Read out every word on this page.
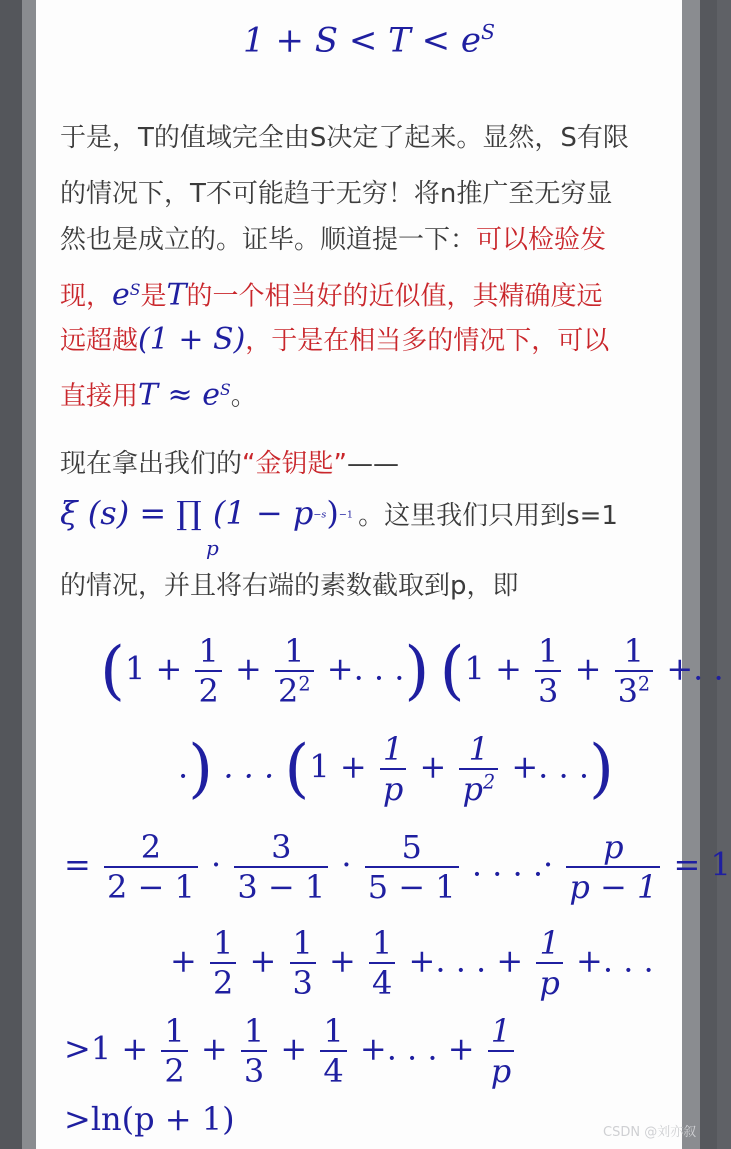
$1 + S < T < e^S$
于是，T的值域完全由S决定了起来。显然，S有限
的情况下，T不可能趋于无穷！将n推广至无穷显
然也是成立的。证毕。顺道提一下：可以检验发
现，$e^S$是T的一个相当好的近似值，其精确度远
远超越(1 + S)，于是在相当多的情况下，可以
直接用$T \approx e^S$。
现在拿出我们的“金钥匙”——
ξ (s) = ∏
p
$(1 - p^{-s})^{-1}$ 。这里我们只用到s=1
的情况，并且将右端的素数截取到p，即
($1 + \frac{1}{2} + \frac{1}{2^2}$ +. . .) ($1 + \frac{1}{3} + \frac{1}{3^2}$ +. .
.) . . . ($1 + \frac{1}{p} + \frac{1}{p^2}$ +. . .)
= $\frac{2}{2 - 1} \cdot \frac{3}{3 - 1} \cdot \frac{5}{5 - 1}$ . . . .· $\frac{p}{p - 1} = 1$
+ $\frac{1}{2} + \frac{1}{3} + \frac{1}{4}$ +. . . + $\frac{1}{p}$ +. . .
$>1 + \frac{1}{2} + \frac{1}{3} + \frac{1}{4}$ +. . . + $\frac{1}{p}$
>ln(p + 1)	CSDN @刘亦叙
